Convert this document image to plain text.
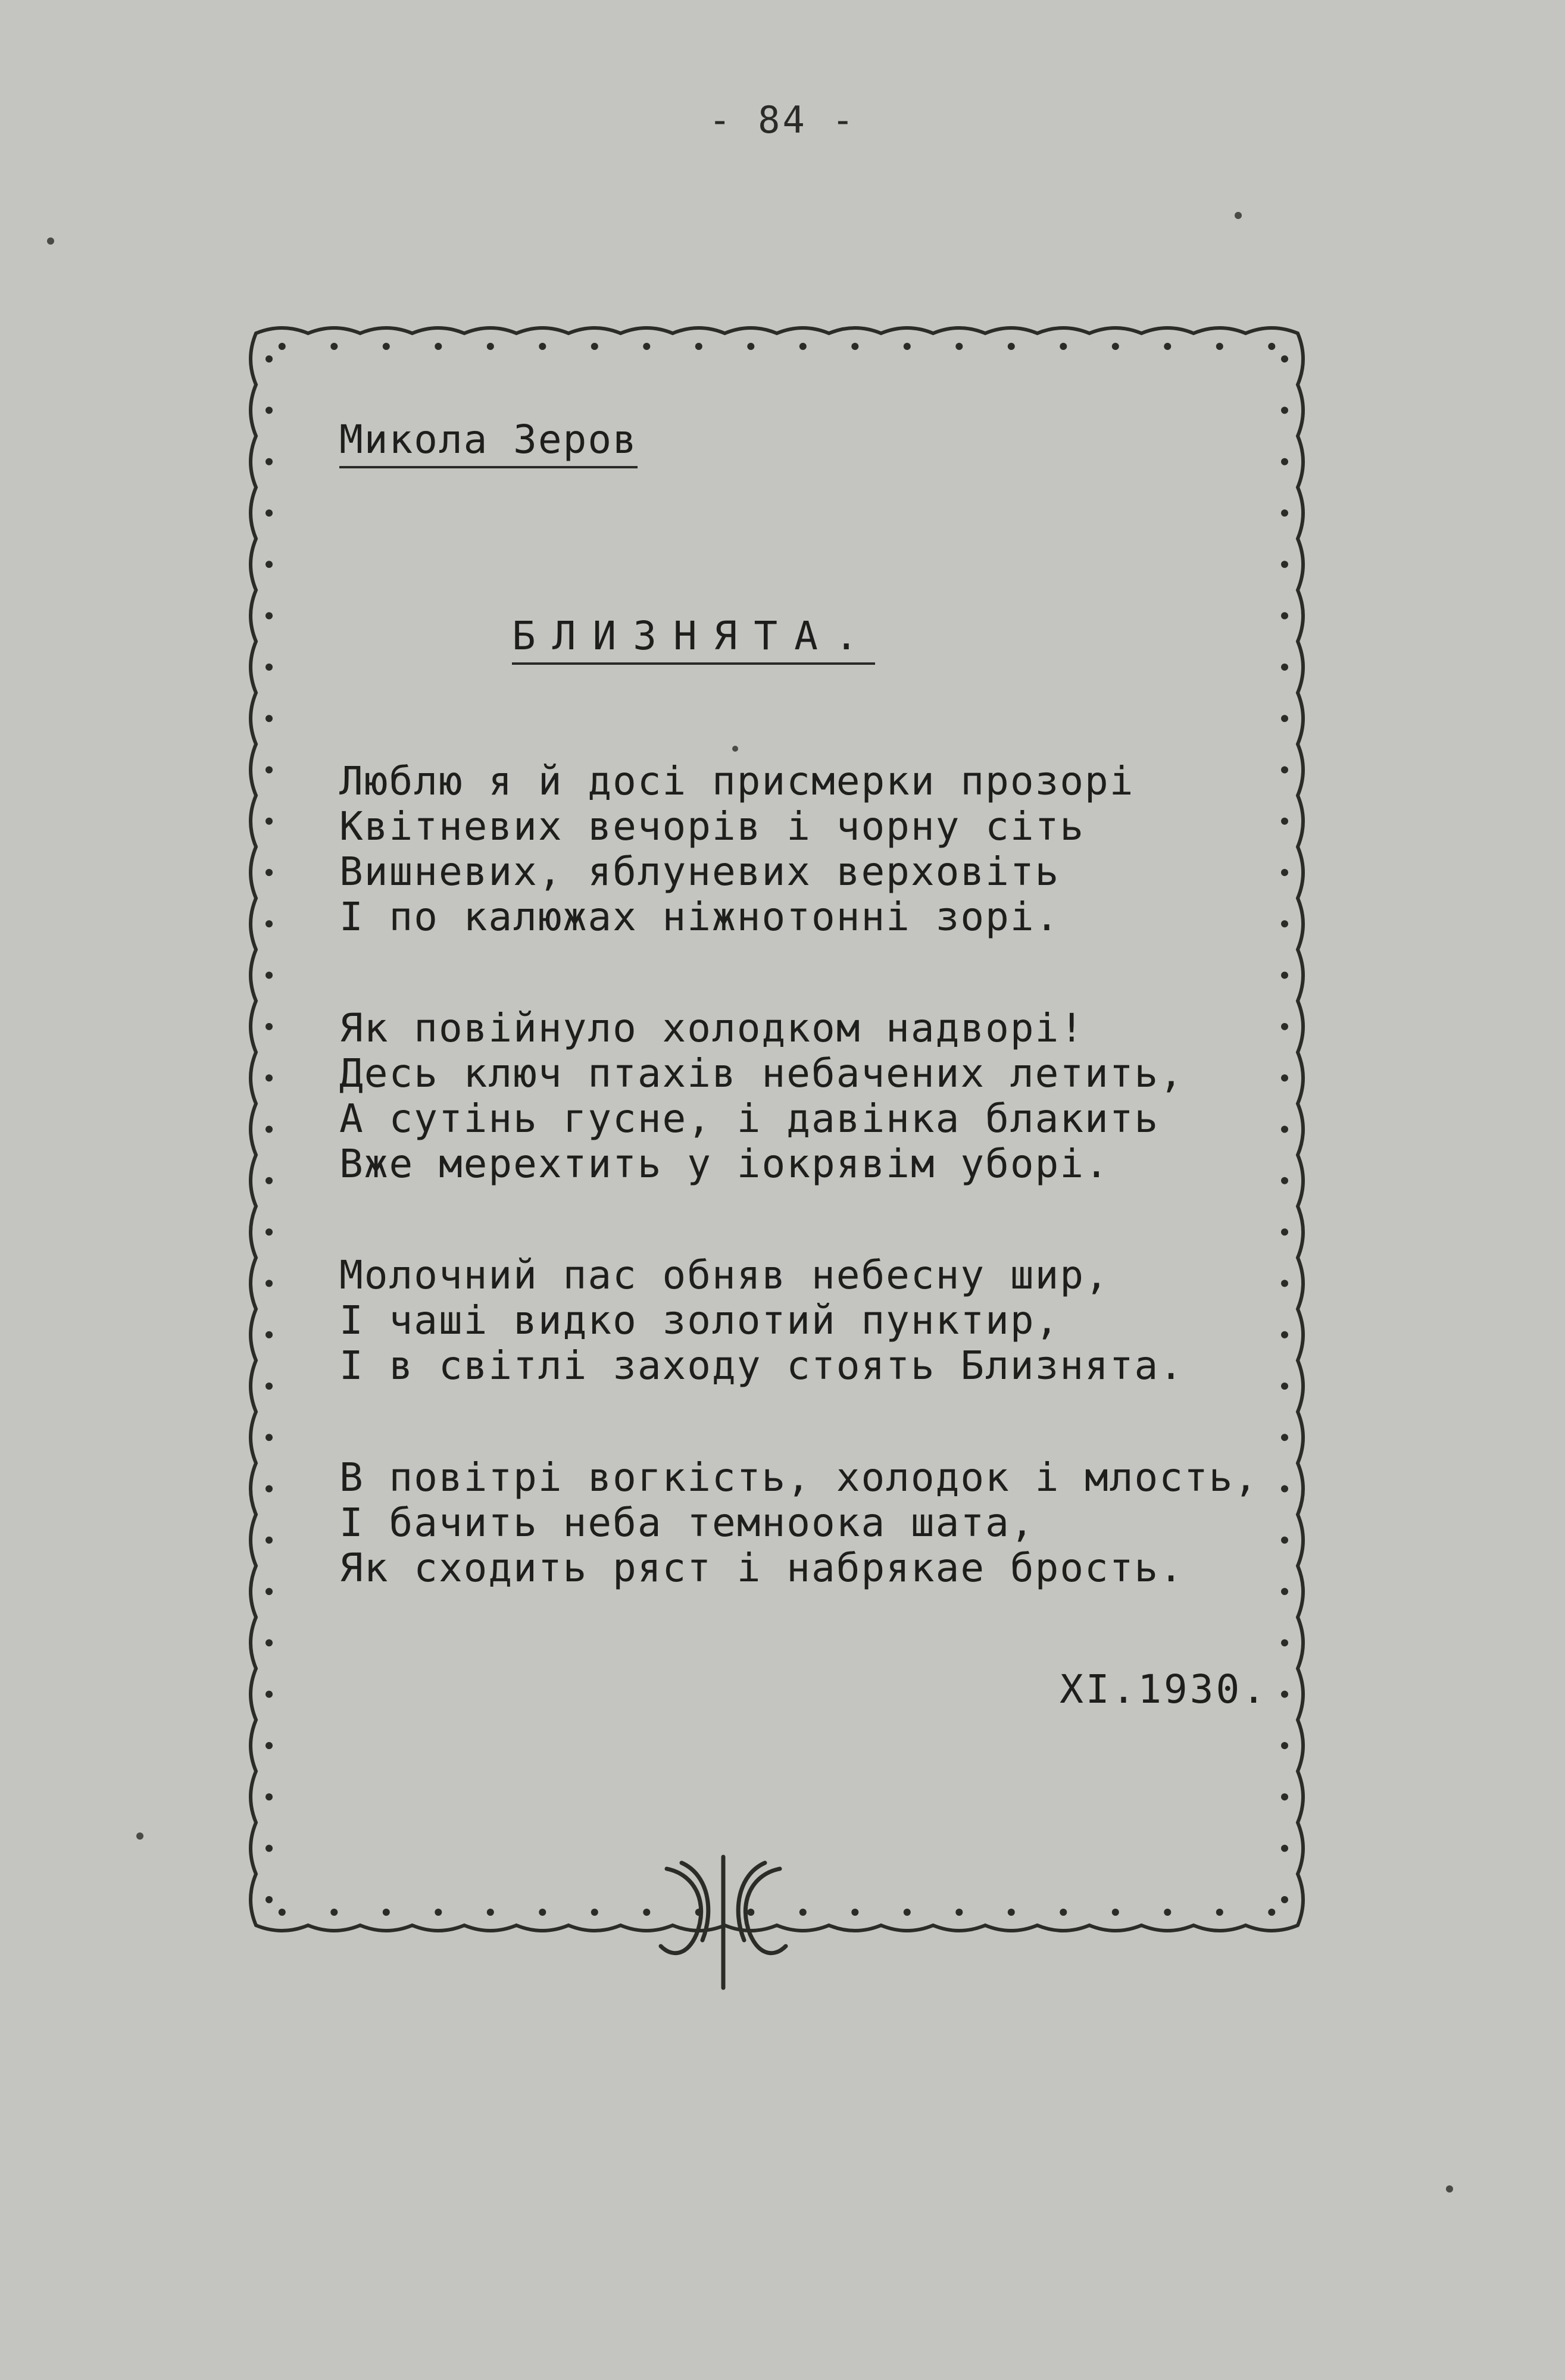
- 84 -
Микола Зеров
БЛИЗНЯТА.
Люблю я й досі присмерки прозорі
Квітневих вечорів і чорну сіть
Вишневих, яблуневих верховіть
І по калюжах ніжнотонні зорі.
Як повійнуло холодком надворі!
Десь ключ птахів небачених летить,
А сутінь гусне, і давінка блакить
Вже мерехтить у іокрявім уборі.
Молочний пас обняв небесну шир,
І чаші видко золотий пунктир,
І в світлі заходу стоять Близнята.
В повітрі вогкість, холодок і млость,
І бачить неба темноока шата,
Як сходить ряст і набрякае брость.
XI.1930.
